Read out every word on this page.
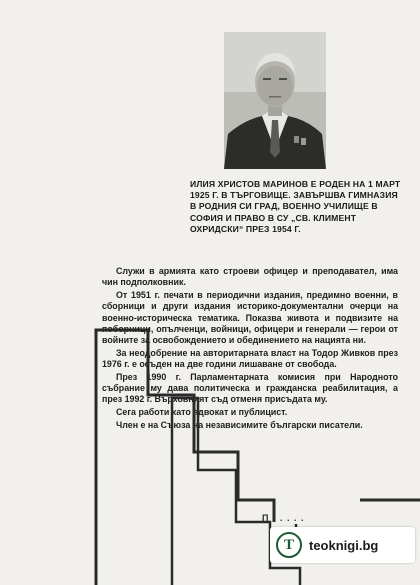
ИЛИЯ ХРИСТОВ МАРИНОВ Е РОДЕН НА 1 МАРТ 1925 Г. В ТЪРГОВИЩЕ. ЗАВЪРШВА ГИМНАЗИЯ В РОДНИЯ СИ ГРАД, ВОЕННО УЧИЛИЩЕ В СОФИЯ И ПРАВО В СУ „СВ. КЛИМЕНТ ОХРИДСКИ“ ПРЕЗ 1954 Г.

Служи в армията като строеви офицер и преподавател, има чин подполковник.

От 1951 г. печати в периодични издания, предимно военни, в сборници и други издания историко-документални очерци на военно-историческа тематика. Показва живота и подвизите на поборници, опълченци, войници, офицери и генерали — герои от войните за освобождението и обединението на нацията ни.

За неодобрение на авторитарната власт на Тодор Живков през 1976 г. е осъден на две години лишаване от свобода.

През 1990 г. Парламентарната комисия при Народното събрание му дава политическа и гражданска реабилитация, а през 1992 г. Върховният съд отменя присъдата му.

Сега работи като адвокат и публицист.

Член е на Съюза на независимите български писатели.

П . . . . .
T	teoknigi.bg
